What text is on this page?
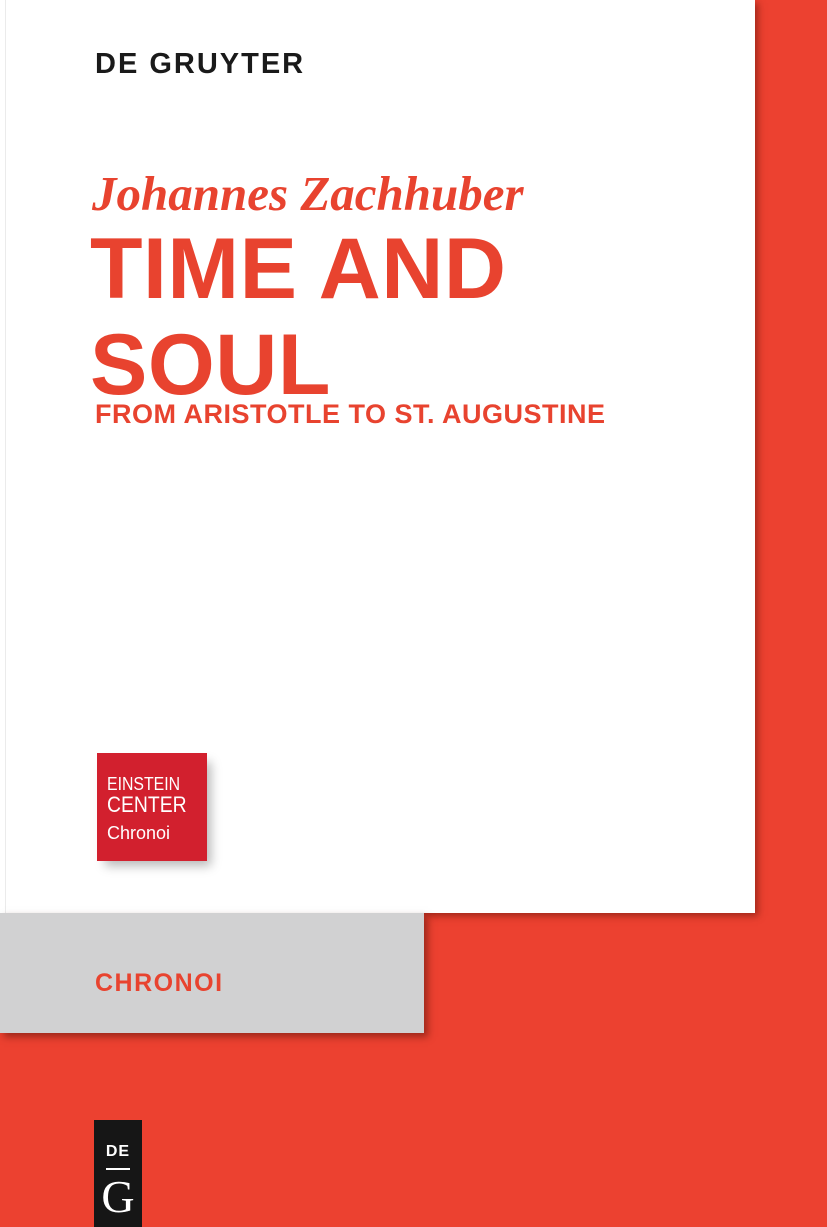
DE GRUYTER
Johannes Zachhuber
TIME AND
SOUL
FROM ARISTOTLE TO ST. AUGUSTINE
EINSTEIN
CENTER
Chronoi
CHRONOI
DE
G
